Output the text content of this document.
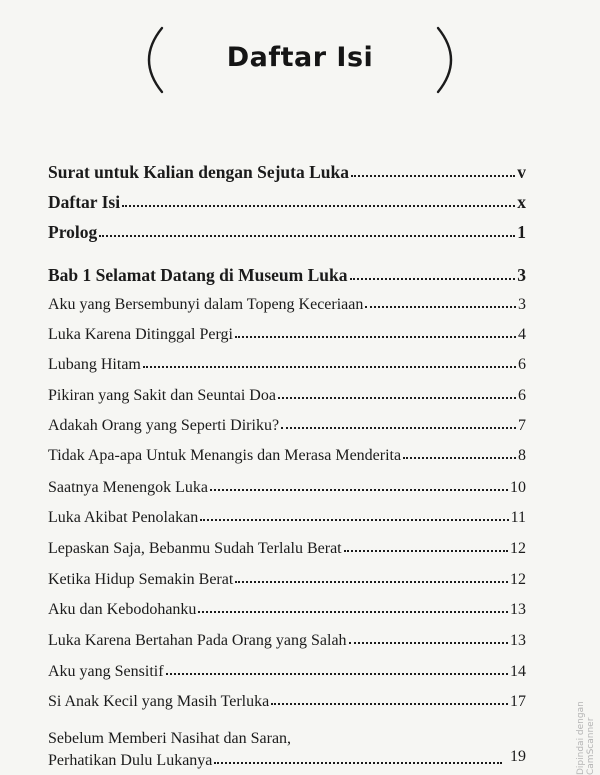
Daftar Isi
Surat untuk Kalian dengan Sejuta Luka	v
Daftar Isi	x
Prolog	1
Bab 1 Selamat Datang di Museum Luka	3
Aku yang Bersembunyi dalam Topeng Keceriaan	3
Luka Karena Ditinggal Pergi	4
Lubang Hitam	6
Pikiran yang Sakit dan Seuntai Doa	6
Adakah Orang yang Seperti Diriku?	7
Tidak Apa-apa Untuk Menangis dan Merasa Menderita	8
Saatnya Menengok Luka	10
Luka Akibat Penolakan	11
Lepaskan Saja, Bebanmu Sudah Terlalu Berat	12
Ketika Hidup Semakin Berat	12
Aku dan Kebodohanku	13
Luka Karena Bertahan Pada Orang yang Salah	13
Aku yang Sensitif	14
Si Anak Kecil yang Masih Terluka	17
Sebelum Memberi Nasihat dan Saran,
Perhatikan Dulu Lukanya	19	Dipindai dengan CamScanner
